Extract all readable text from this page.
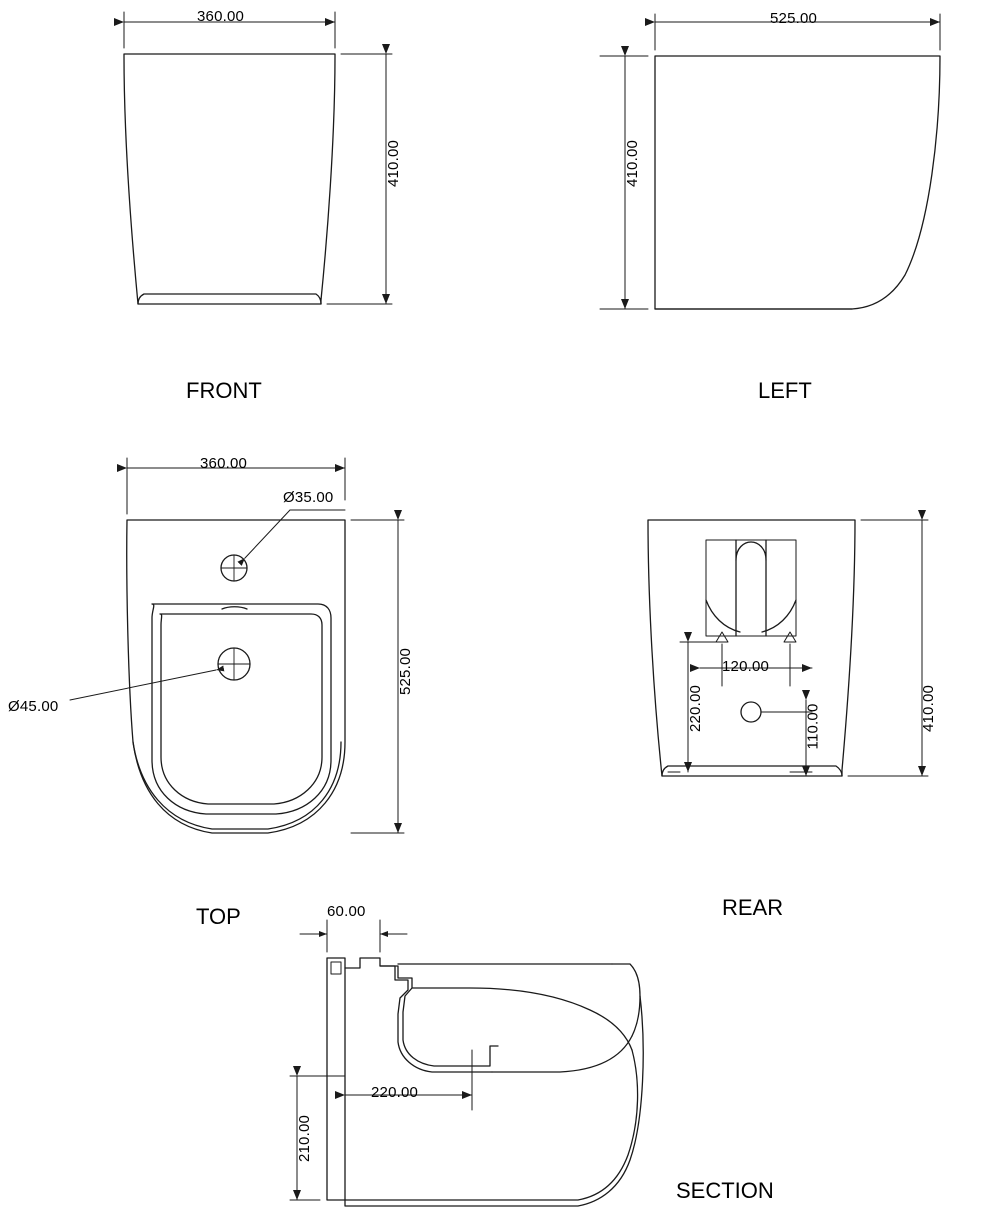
360.00
410.00
525.00
410.00
360.00
525.00
Ø35.00
Ø45.00	410.00
120.00
220.00	110.00
60.00
220.00
210.00
FRONT	LEFT
TOP	REAR
SECTION
